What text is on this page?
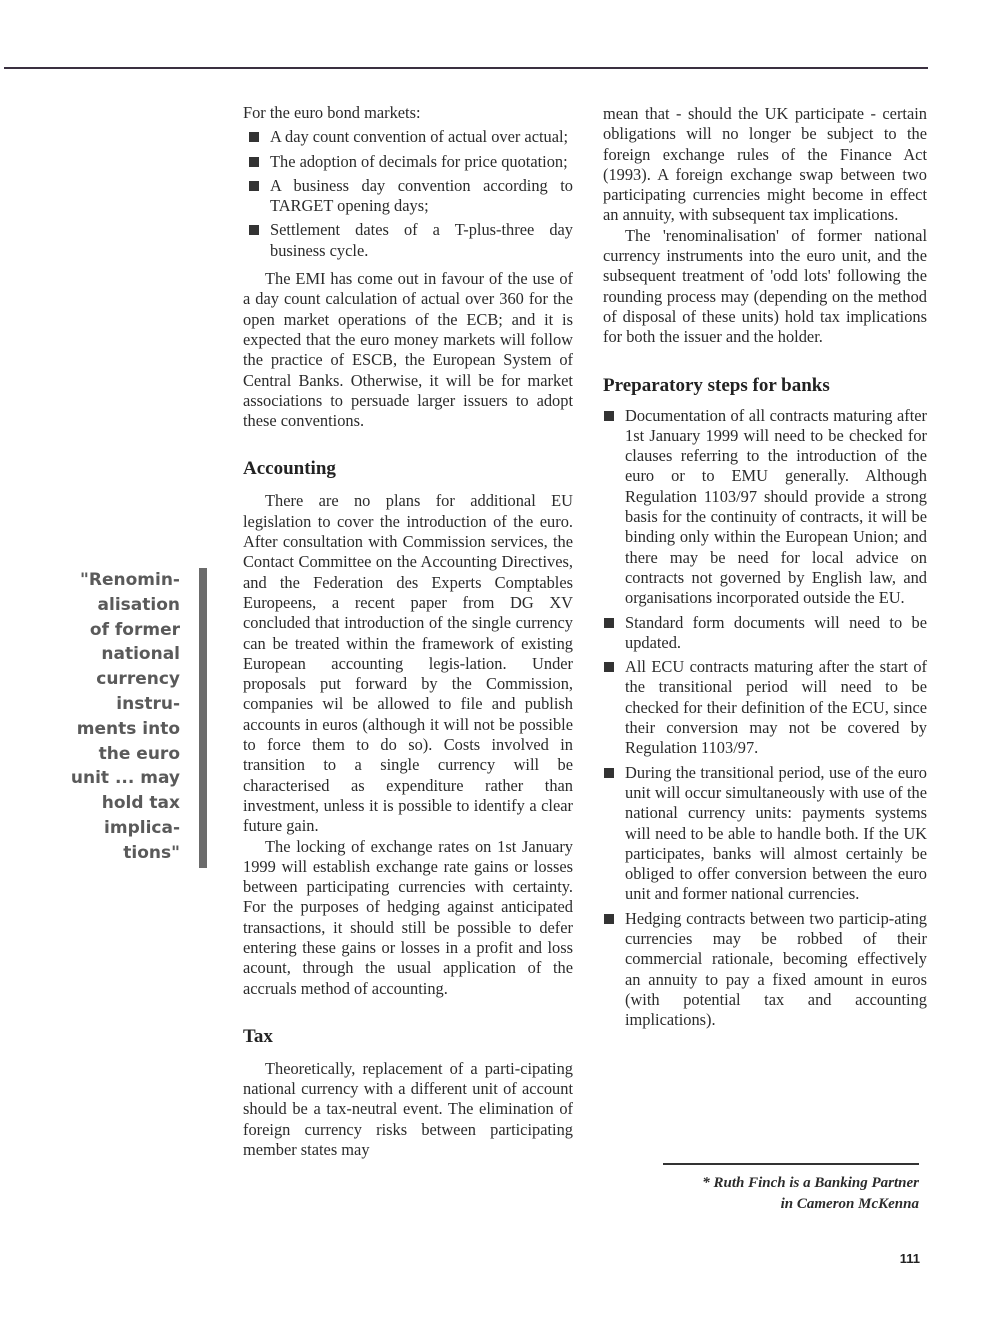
"Renomin-
alisation
of former
national
currency
instru-
ments into
the euro
unit ... may
hold tax
implica-
tions"

For the euro bond markets:

A day count convention of actual over actual;
The adoption of decimals for price quotation;
A business day convention according to TARGET opening days;
Settlement dates of a T-plus-three day business cycle.

The EMI has come out in favour of the use of a day count calculation of actual over 360 for the open market operations of the ECB; and it is expected that the euro money markets will follow the practice of ESCB, the European System of Central Banks. Otherwise, it will be for market associations to persuade larger issuers to adopt these conventions.

Accounting

There are no plans for additional EU legislation to cover the introduction of the euro. After consultation with Commission services, the Contact Committee on the Accounting Directives, and the Federation des Experts Comptables Europeens, a recent paper from DG XV concluded that introduction of the single currency can be treated within the framework of existing European accounting legis-lation. Under proposals put forward by the Commission, companies wil be allowed to file and publish accounts in euros (although it will not be possible to force them to do so). Costs involved in transition to a single currency will be characterised as expenditure rather than investment, unless it is possible to identify a clear future gain.

The locking of exchange rates on 1st January 1999 will establish exchange rate gains or losses between participating currencies with certainty. For the purposes of hedging against anticipated transactions, it should still be possible to defer entering these gains or losses in a profit and loss acount, through the usual application of the accruals method of accounting.

Tax

Theoretically, replacement of a parti-cipating national currency with a different unit of account should be a tax-neutral event. The elimination of foreign currency risks between participating member states may

mean that - should the UK participate - certain obligations will no longer be subject to the foreign exchange rules of the Finance Act (1993). A foreign exchange swap between two participating currencies might become in effect an annuity, with subsequent tax implications.

The 'renominalisation' of former national currency instruments into the euro unit, and the subsequent treatment of 'odd lots' following the rounding process may (depending on the method of disposal of these units) hold tax implications for both the issuer and the holder.

Preparatory steps for banks
Documentation of all contracts maturing after 1st January 1999 will need to be checked for clauses referring to the introduction of the euro or to EMU generally. Although Regulation 1103/97 should provide a strong basis for the continuity of contracts, it will be binding only within the European Union; and there may be need for local advice on contracts not governed by English law, and organisations incorporated outside the EU.
Standard form documents will need to be updated.
All ECU contracts maturing after the start of the transitional period will need to be checked for their definition of the ECU, since their conversion may not be covered by Regulation 1103/97.
During the transitional period, use of the euro unit will occur simultaneously with use of the national currency units: payments systems will need to be able to handle both. If the UK participates, banks will almost certainly be obliged to offer conversion between the euro unit and former national currencies.
Hedging contracts between two particip-ating currencies may be robbed of their commercial rationale, becoming effectively an annuity to pay a fixed amount in euros (with potential tax and accounting implications).
* Ruth Finch is a Banking Partner
in Cameron McKenna
111
